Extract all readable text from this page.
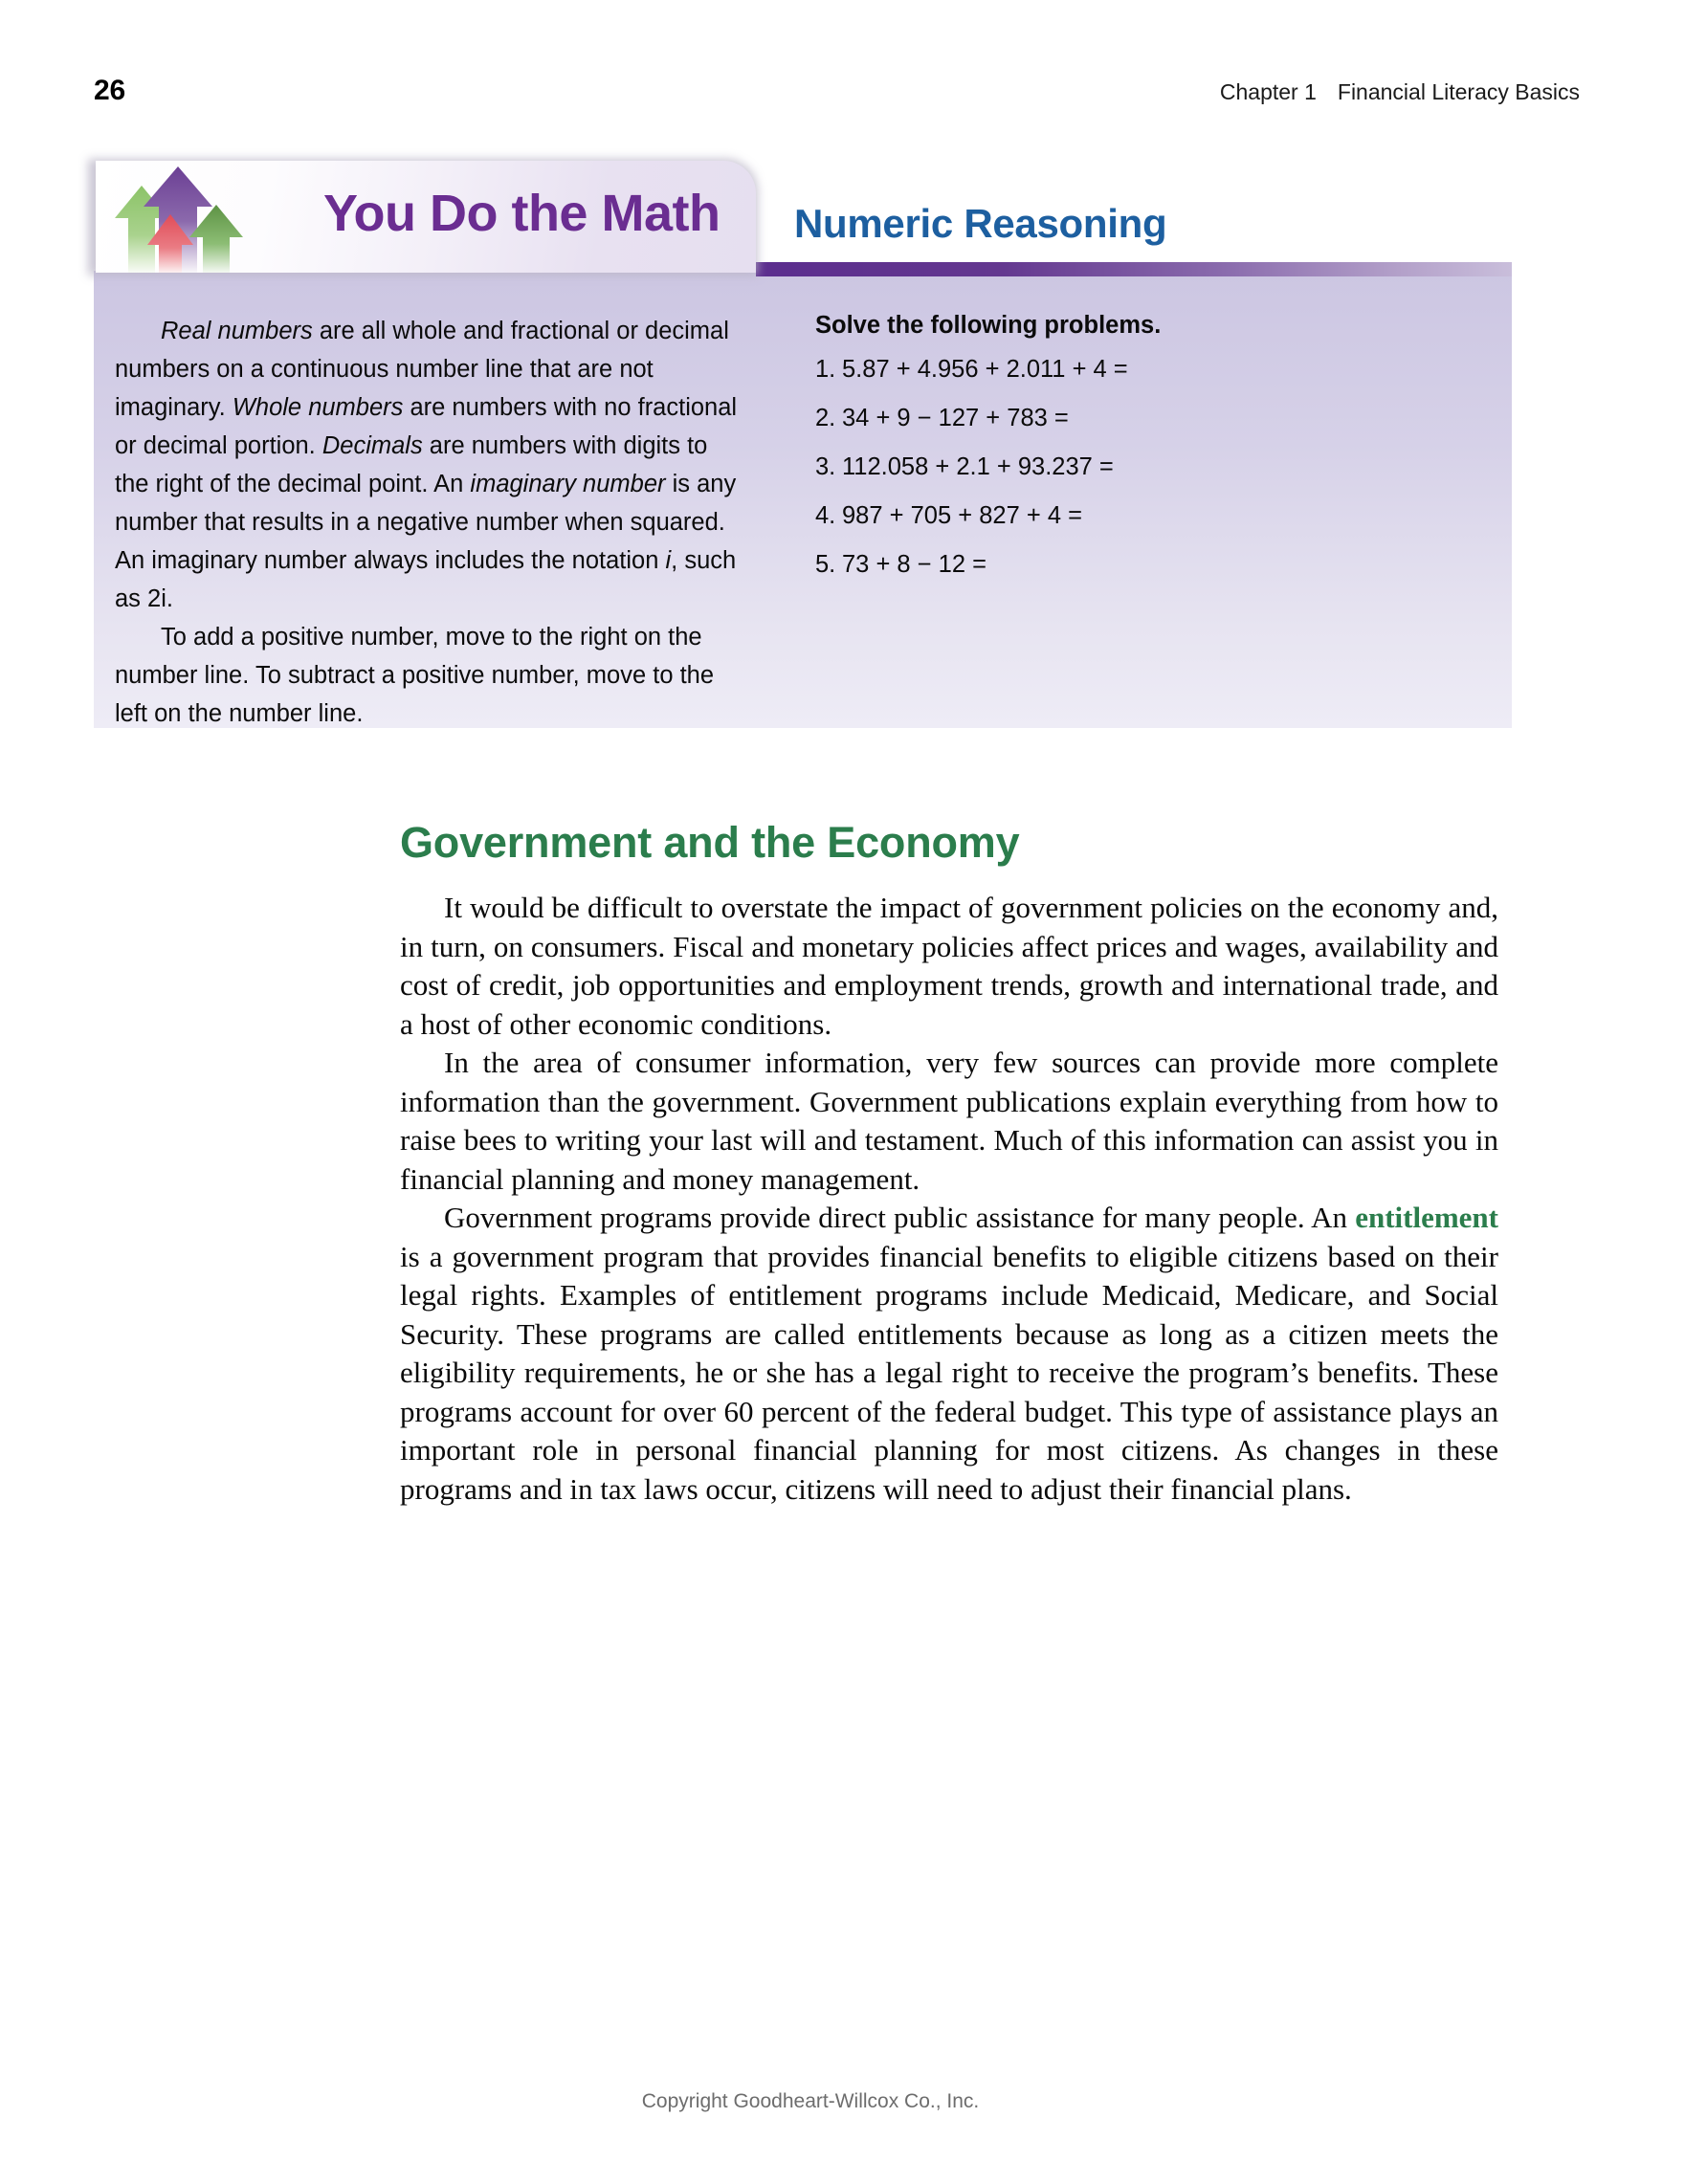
26	Chapter 1 Financial Literacy Basics
You Do the Math Numeric Reasoning

Real numbers are all whole and fractional or decimal numbers on a continuous number line that are not imaginary. Whole numbers are numbers with no fractional or decimal portion. Decimals are numbers with digits to the right of the decimal point. An imaginary number is any number that results in a negative number when squared. An imaginary number always includes the notation i, such as 2i.

To add a positive number, move to the right on the number line. To subtract a positive number, move to the left on the number line.

Solve the following problems.
1. 5.87 + 4.956 + 2.011 + 4 =
2. 34 + 9 − 127 + 783 =
3. 112.058 + 2.1 + 93.237 =
4. 987 + 705 + 827 + 4 =
5. 73 + 8 − 12 =
Government and the Economy

It would be difficult to overstate the impact of government policies on the economy and, in turn, on consumers. Fiscal and monetary policies affect prices and wages, availability and cost of credit, job opportunities and employment trends, growth and international trade, and a host of other economic conditions.

In the area of consumer information, very few sources can provide more complete information than the government. Government publications explain everything from how to raise bees to writing your last will and testament. Much of this information can assist you in financial planning and money management.

Government programs provide direct public assistance for many people. An entitlement is a government program that provides financial benefits to eligible citizens based on their legal rights. Examples of entitlement programs include Medicaid, Medicare, and Social Security. These programs are called entitlements because as long as a citizen meets the eligibility requirements, he or she has a legal right to receive the program’s benefits. These programs account for over 60 percent of the federal budget. This type of assistance plays an important role in personal financial planning for most citizens. As changes in these programs and in tax laws occur, citizens will need to adjust their financial plans.

Copyright Goodheart-Willcox Co., Inc.
